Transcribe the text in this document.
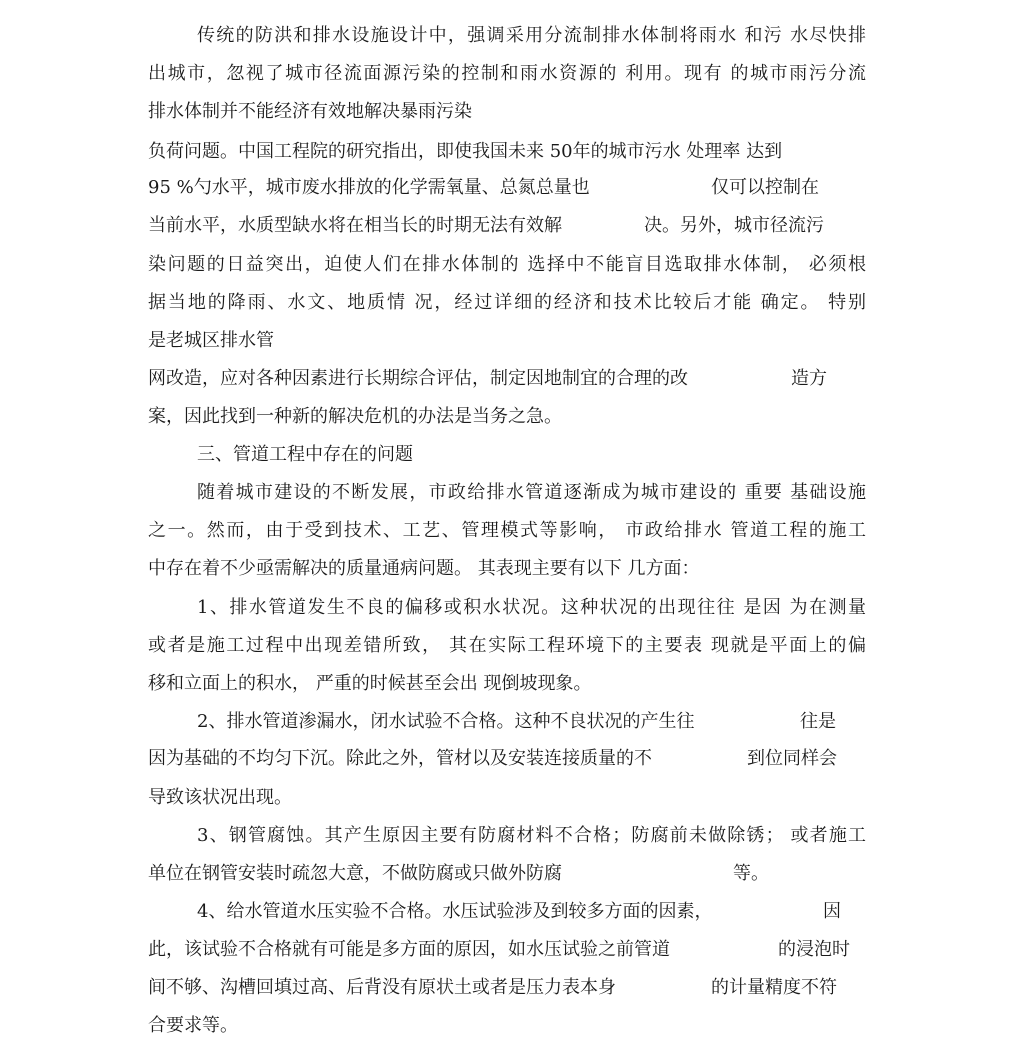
传统的防洪和排水设施设计中，强调采用分流制排水体制将雨水 和污 水尽快排

出城市，忽视了城市径流面源污染的控制和雨水资源的 利用。现有 的城市雨污分流

排水体制并不能经济有效地解决暴雨污染

负荷问题。中国工程院的研究指出，即使我国未来 50年的城市污水 处理率 达到

95 %勺水平，城市废水排放的化学需氧量、总氮总量也	仅可以控制在

当前水平，水质型缺水将在相当长的时期无法有效解	决。另外，城市径流污

染问题的日益突出，迫使人们在排水体制的 选择中不能盲目选取排水体制， 必须根

据当地的降雨、水文、地质情 况，经过详细的经济和技术比较后才能 确定。 特别

是老城区排水管

网改造，应对各种因素进行长期综合评估，制定因地制宜的合理的改	造方

案，因此找到一种新的解决危机的办法是当务之急。

三、管道工程中存在的问题

随着城市建设的不断发展，市政给排水管道逐渐成为城市建设的 重要 基础设施

之一。然而，由于受到技术、工艺、管理模式等影响， 市政给排水 管道工程的施工

中存在着不少亟需解决的质量通病问题。 其表现主要有以下 几方面：

1、排水管道发生不良的偏移或积水状况。这种状况的出现往往 是因 为在测量

或者是施工过程中出现差错所致， 其在实际工程环境下的主要表 现就是平面上的偏

移和立面上的积水， 严重的时候甚至会出 现倒坡现象。

2、排水管道渗漏水，闭水试验不合格。这种不良状况的产生往	往是

因为基础的不均匀下沉。除此之外，管材以及安装连接质量的不	到位同样会

导致该状况出现。

3、钢管腐蚀。其产生原因主要有防腐材料不合格；防腐前未做除锈； 或者施工

单位在钢管安装时疏忽大意，不做防腐或只做外防腐	等。

4、给水管道水压实验不合格。水压试验涉及到较多方面的因素，	因

此，该试验不合格就有可能是多方面的原因，如水压试验之前管道	的浸泡时

间不够、沟槽回填过高、后背没有原状土或者是压力表本身	的计量精度不符

合要求等。
